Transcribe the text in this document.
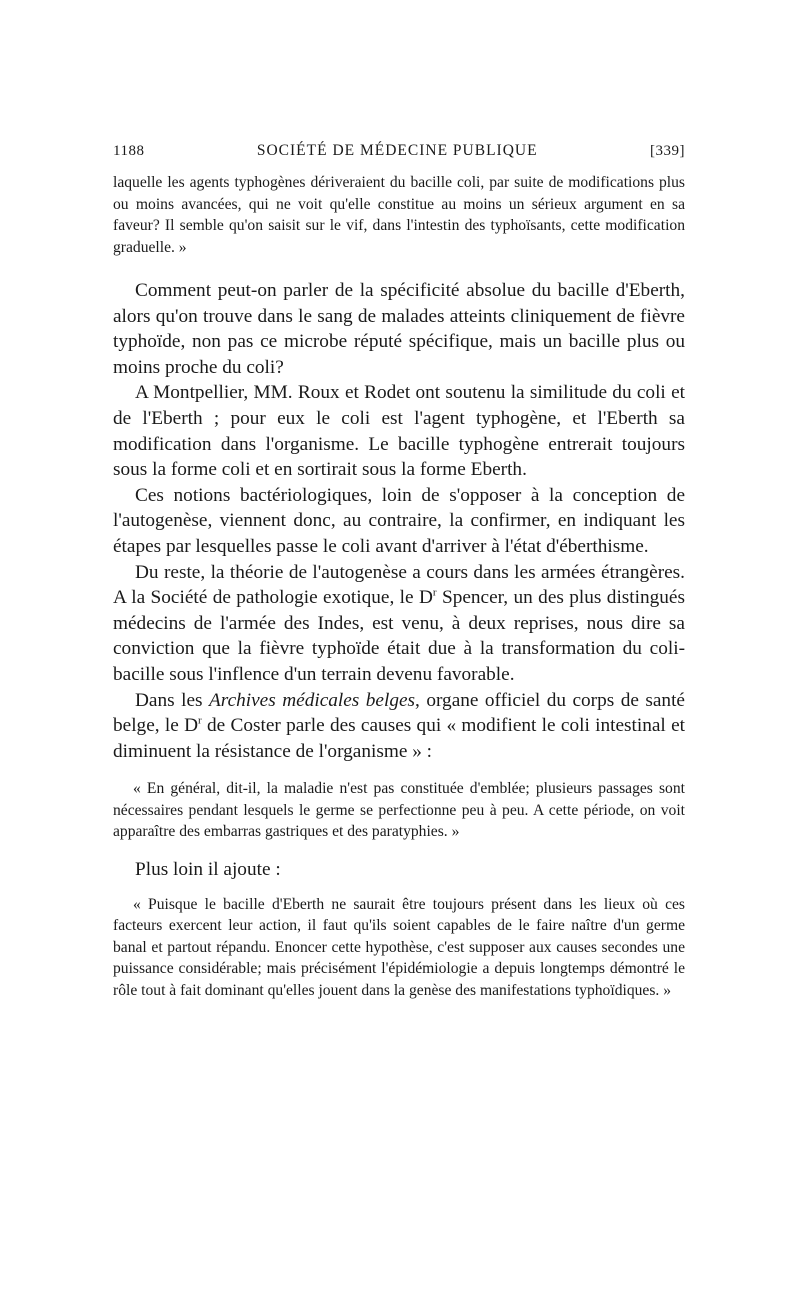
1188	SOCIÉTÉ DE MÉDECINE PUBLIQUE	[339]

laquelle les agents typhogènes dériveraient du bacille coli, par suite de modifications plus ou moins avancées, qui ne voit qu'elle constitue au moins un sérieux argument en sa faveur? Il semble qu'on saisit sur le vif, dans l'intestin des typhoïsants, cette modification graduelle. »

Comment peut-on parler de la spécificité absolue du bacille d'Eberth, alors qu'on trouve dans le sang de malades atteints cliniquement de fièvre typhoïde, non pas ce microbe réputé spécifique, mais un bacille plus ou moins proche du coli?

A Montpellier, MM. Roux et Rodet ont soutenu la similitude du coli et de l'Eberth ; pour eux le coli est l'agent typhogène, et l'Eberth sa modification dans l'organisme. Le bacille typhogène entrerait toujours sous la forme coli et en sortirait sous la forme Eberth.

Ces notions bactériologiques, loin de s'opposer à la conception de l'autogenèse, viennent donc, au contraire, la confirmer, en indiquant les étapes par lesquelles passe le coli avant d'arriver à l'état d'éberthisme.

Du reste, la théorie de l'autogenèse a cours dans les armées étrangères. A la Société de pathologie exotique, le $D^r$ Spencer, un des plus distingués médecins de l'armée des Indes, est venu, à deux reprises, nous dire sa conviction que la fièvre typhoïde était due à la transformation du coli-bacille sous l'inflence d'un terrain devenu favorable.

Dans les Archives médicales belges, organe officiel du corps de santé belge, le $D^r$ de Coster parle des causes qui « modifient le coli intestinal et diminuent la résistance de l'organisme » :

« En général, dit-il, la maladie n'est pas constituée d'emblée; plusieurs passages sont nécessaires pendant lesquels le germe se perfectionne peu à peu. A cette période, on voit apparaître des embarras gastriques et des paratyphies. »

Plus loin il ajoute :

« Puisque le bacille d'Eberth ne saurait être toujours présent dans les lieux où ces facteurs exercent leur action, il faut qu'ils soient capables de le faire naître d'un germe banal et partout répandu. Enoncer cette hypothèse, c'est supposer aux causes secondes une puissance considérable; mais précisément l'épidémiologie a depuis longtemps démontré le rôle tout à fait dominant qu'elles jouent dans la genèse des manifestations typhoïdiques. »
